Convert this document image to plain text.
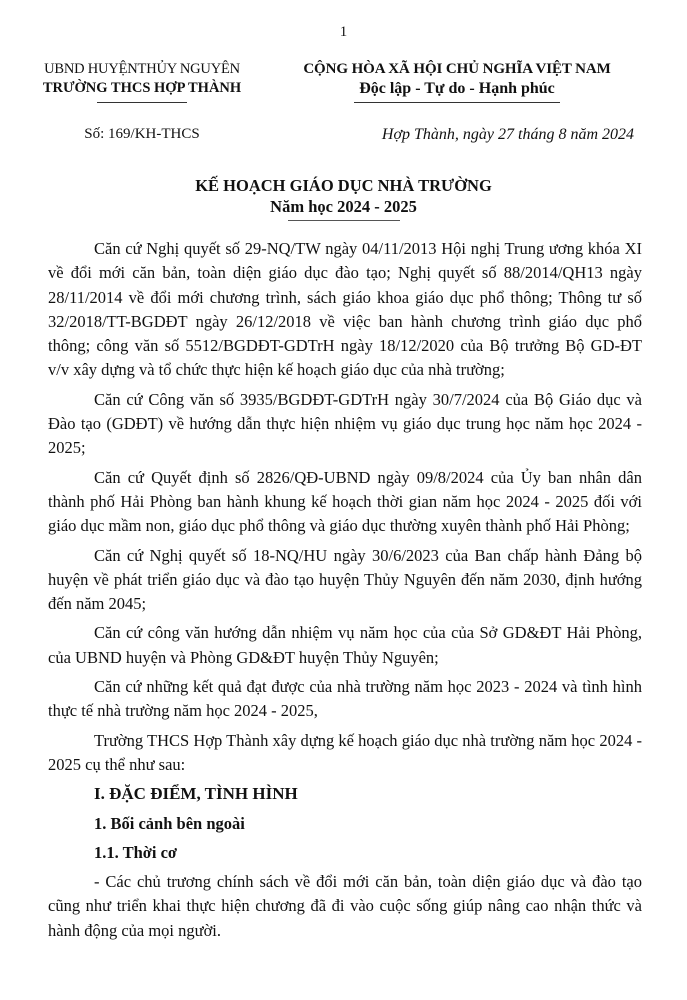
1
UBND HUYỆNTHỦY NGUYÊN
TRƯỜNG THCS HỢP THÀNH
Số: 169/KH-THCS
CỘNG HÒA XÃ HỘI CHỦ NGHĨA VIỆT NAM
Độc lập - Tự do - Hạnh phúc
Hợp Thành, ngày 27 tháng 8 năm 2024
KẾ HOẠCH GIÁO DỤC NHÀ TRƯỜNG
Năm học 2024 - 2025

Căn cứ Nghị quyết số 29-NQ/TW ngày 04/11/2013 Hội nghị Trung ương khóa XI về đổi mới căn bản, toàn diện giáo dục đào tạo; Nghị quyết số 88/2014/QH13 ngày 28/11/2014 về đổi mới chương trình, sách giáo khoa giáo dục phổ thông; Thông tư số 32/2018/TT-BGDĐT ngày 26/12/2018 về việc ban hành chương trình giáo dục phổ thông; công văn số 5512/BGDĐT-GDTrH ngày 18/12/2020 của Bộ trưởng Bộ GD-ĐT v/v xây dựng và tổ chức thực hiện kế hoạch giáo dục của nhà trường;

Căn cứ Công văn số 3935/BGDĐT-GDTrH ngày 30/7/2024 của Bộ Giáo dục và Đào tạo (GDĐT) về hướng dẫn thực hiện nhiệm vụ giáo dục trung học năm học 2024 - 2025;

Căn cứ Quyết định số 2826/QĐ-UBND ngày 09/8/2024 của Ủy ban nhân dân thành phố Hải Phòng ban hành khung kế hoạch thời gian năm học 2024 - 2025 đối với giáo dục mầm non, giáo dục phổ thông và giáo dục thường xuyên thành phố Hải Phòng;

Căn cứ Nghị quyết số 18-NQ/HU ngày 30/6/2023 của Ban chấp hành Đảng bộ huyện về phát triển giáo dục và đào tạo huyện Thủy Nguyên đến năm 2030, định hướng đến năm 2045;

Căn cứ công văn hướng dẫn nhiệm vụ năm học của của Sở GD&ĐT Hải Phòng, của UBND huyện và Phòng GD&ĐT huyện Thủy Nguyên;

Căn cứ những kết quả đạt được của nhà trường năm học 2023 - 2024 và tình hình thực tế nhà trường năm học 2024 - 2025,

Trường THCS Hợp Thành xây dựng kế hoạch giáo dục nhà trường năm học 2024 - 2025 cụ thể như sau:

I. ĐẶC ĐIỂM, TÌNH HÌNH
1. Bối cảnh bên ngoài
1.1. Thời cơ

- Các chủ trương chính sách về đổi mới căn bản, toàn diện giáo dục và đào tạo cũng như triển khai thực hiện chương đã đi vào cuộc sống giúp nâng cao nhận thức và hành động của mọi người.
